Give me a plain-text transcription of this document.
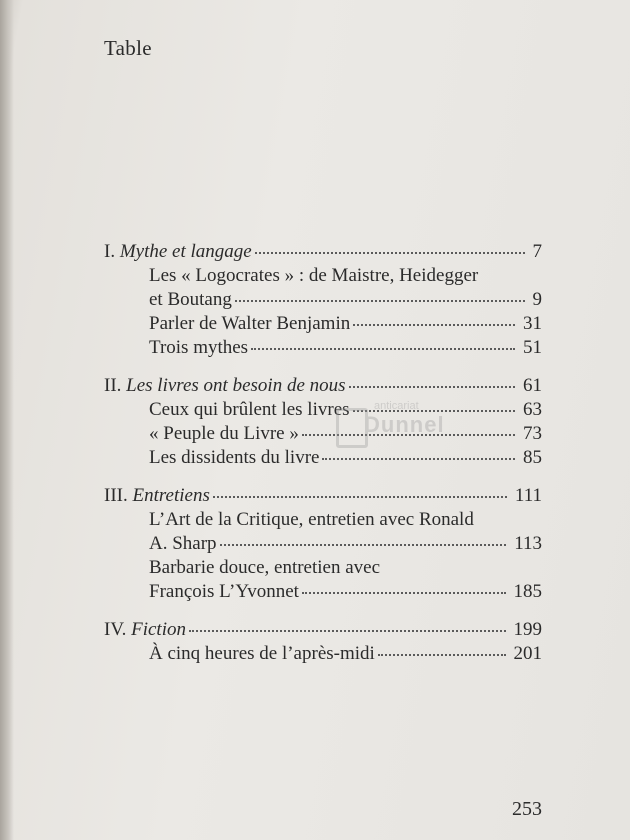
Table
I. Mythe et langage	7
Les « Logocrates » : de Maistre, Heidegger
et Boutang	9
Parler de Walter Benjamin	31
Trois mythes	51
II. Les livres ont besoin de nous	61
Ceux qui brûlent les livres	63
« Peuple du Livre »	73
Les dissidents du livre	85
III. Entretiens	111
L’Art de la Critique, entretien avec Ronald
A. Sharp	113
Barbarie douce, entretien avec
François L’Yvonnet	185
IV. Fiction	199
À cinq heures de l’après-midi	201
anticariat
Dunnel
253
